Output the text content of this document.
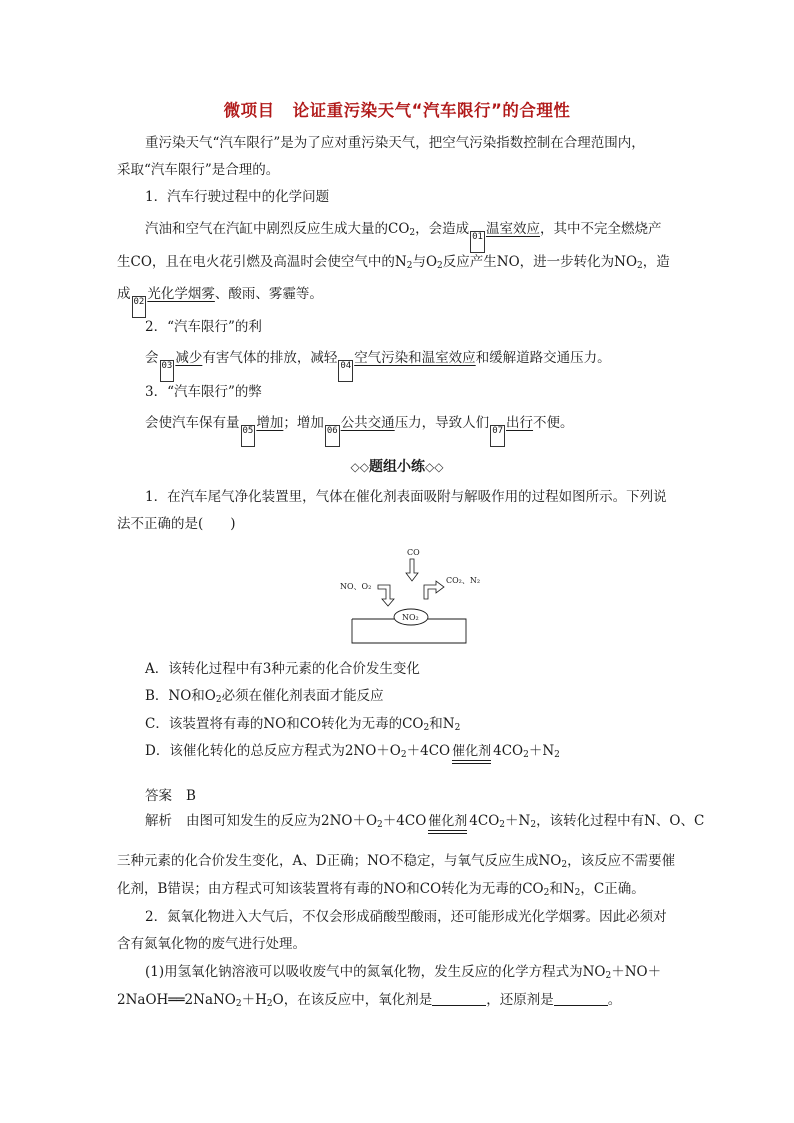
微项目 论证重污染天气“汽车限行”的合理性
重污染天气“汽车限行”是为了应对重污染天气，把空气污染指数控制在合理范围内，
采取“汽车限行”是合理的。
1．汽车行驶过程中的化学问题
汽油和空气在汽缸中剧烈反应生成大量的$CO_2$，会造成 01 温室效应，其中不完全燃烧产
生CO，且在电火花引燃及高温时会使空气中的$N_2$与$O_2$反应产生NO，进一步转化为$NO_2$，造
成 02 光化学烟雾、酸雨、雾霾等。
2．“汽车限行”的利
会 03 减少有害气体的排放，减轻 04 空气污染和温室效应和缓解道路交通压力。
3．“汽车限行”的弊
会使汽车保有量 05 增加；增加 06 公共交通压力，导致人们 07 出行不便。
◇◇题组小练◇◇
1．在汽车尾气净化装置里，气体在催化剂表面吸附与解吸作用的过程如图所示。下列说
法不正确的是(　　)
CO
NO、O₂
CO₂、N₂
NO₂
A．该转化过程中有3种元素的化合价发生变化
B．NO和$O_2$必须在催化剂表面才能反应
C．该装置将有毒的NO和CO转化为无毒的$CO_2$和$N_2$
D．该催化转化的总反应方程式为$2NO+O_2+4CO$ 催化剂 $4CO_2+N_2$
答案 B
解析 由图可知发生的反应为$2NO+O_2+4CO$ 催化剂 $4CO_2+N_2$，该转化过程中有N、O、C
三种元素的化合价发生变化，A、D正确；NO不稳定，与氧气反应生成$NO_2$，该反应不需要催
化剂，B错误；由方程式可知该装置将有毒的NO和CO转化为无毒的$CO_2$和$N_2$，C正确。
2．氮氧化物进入大气后，不仅会形成硝酸型酸雨，还可能形成光化学烟雾。因此必须对
含有氮氧化物的废气进行处理。
(1)用氢氧化钠溶液可以吸收废气中的氮氧化物，发生反应的化学方程式为$NO_2+NO+$
$2NaOH══2NaNO_2+H_2O$，在该反应中，氧化剂是	，还原剂是	。
